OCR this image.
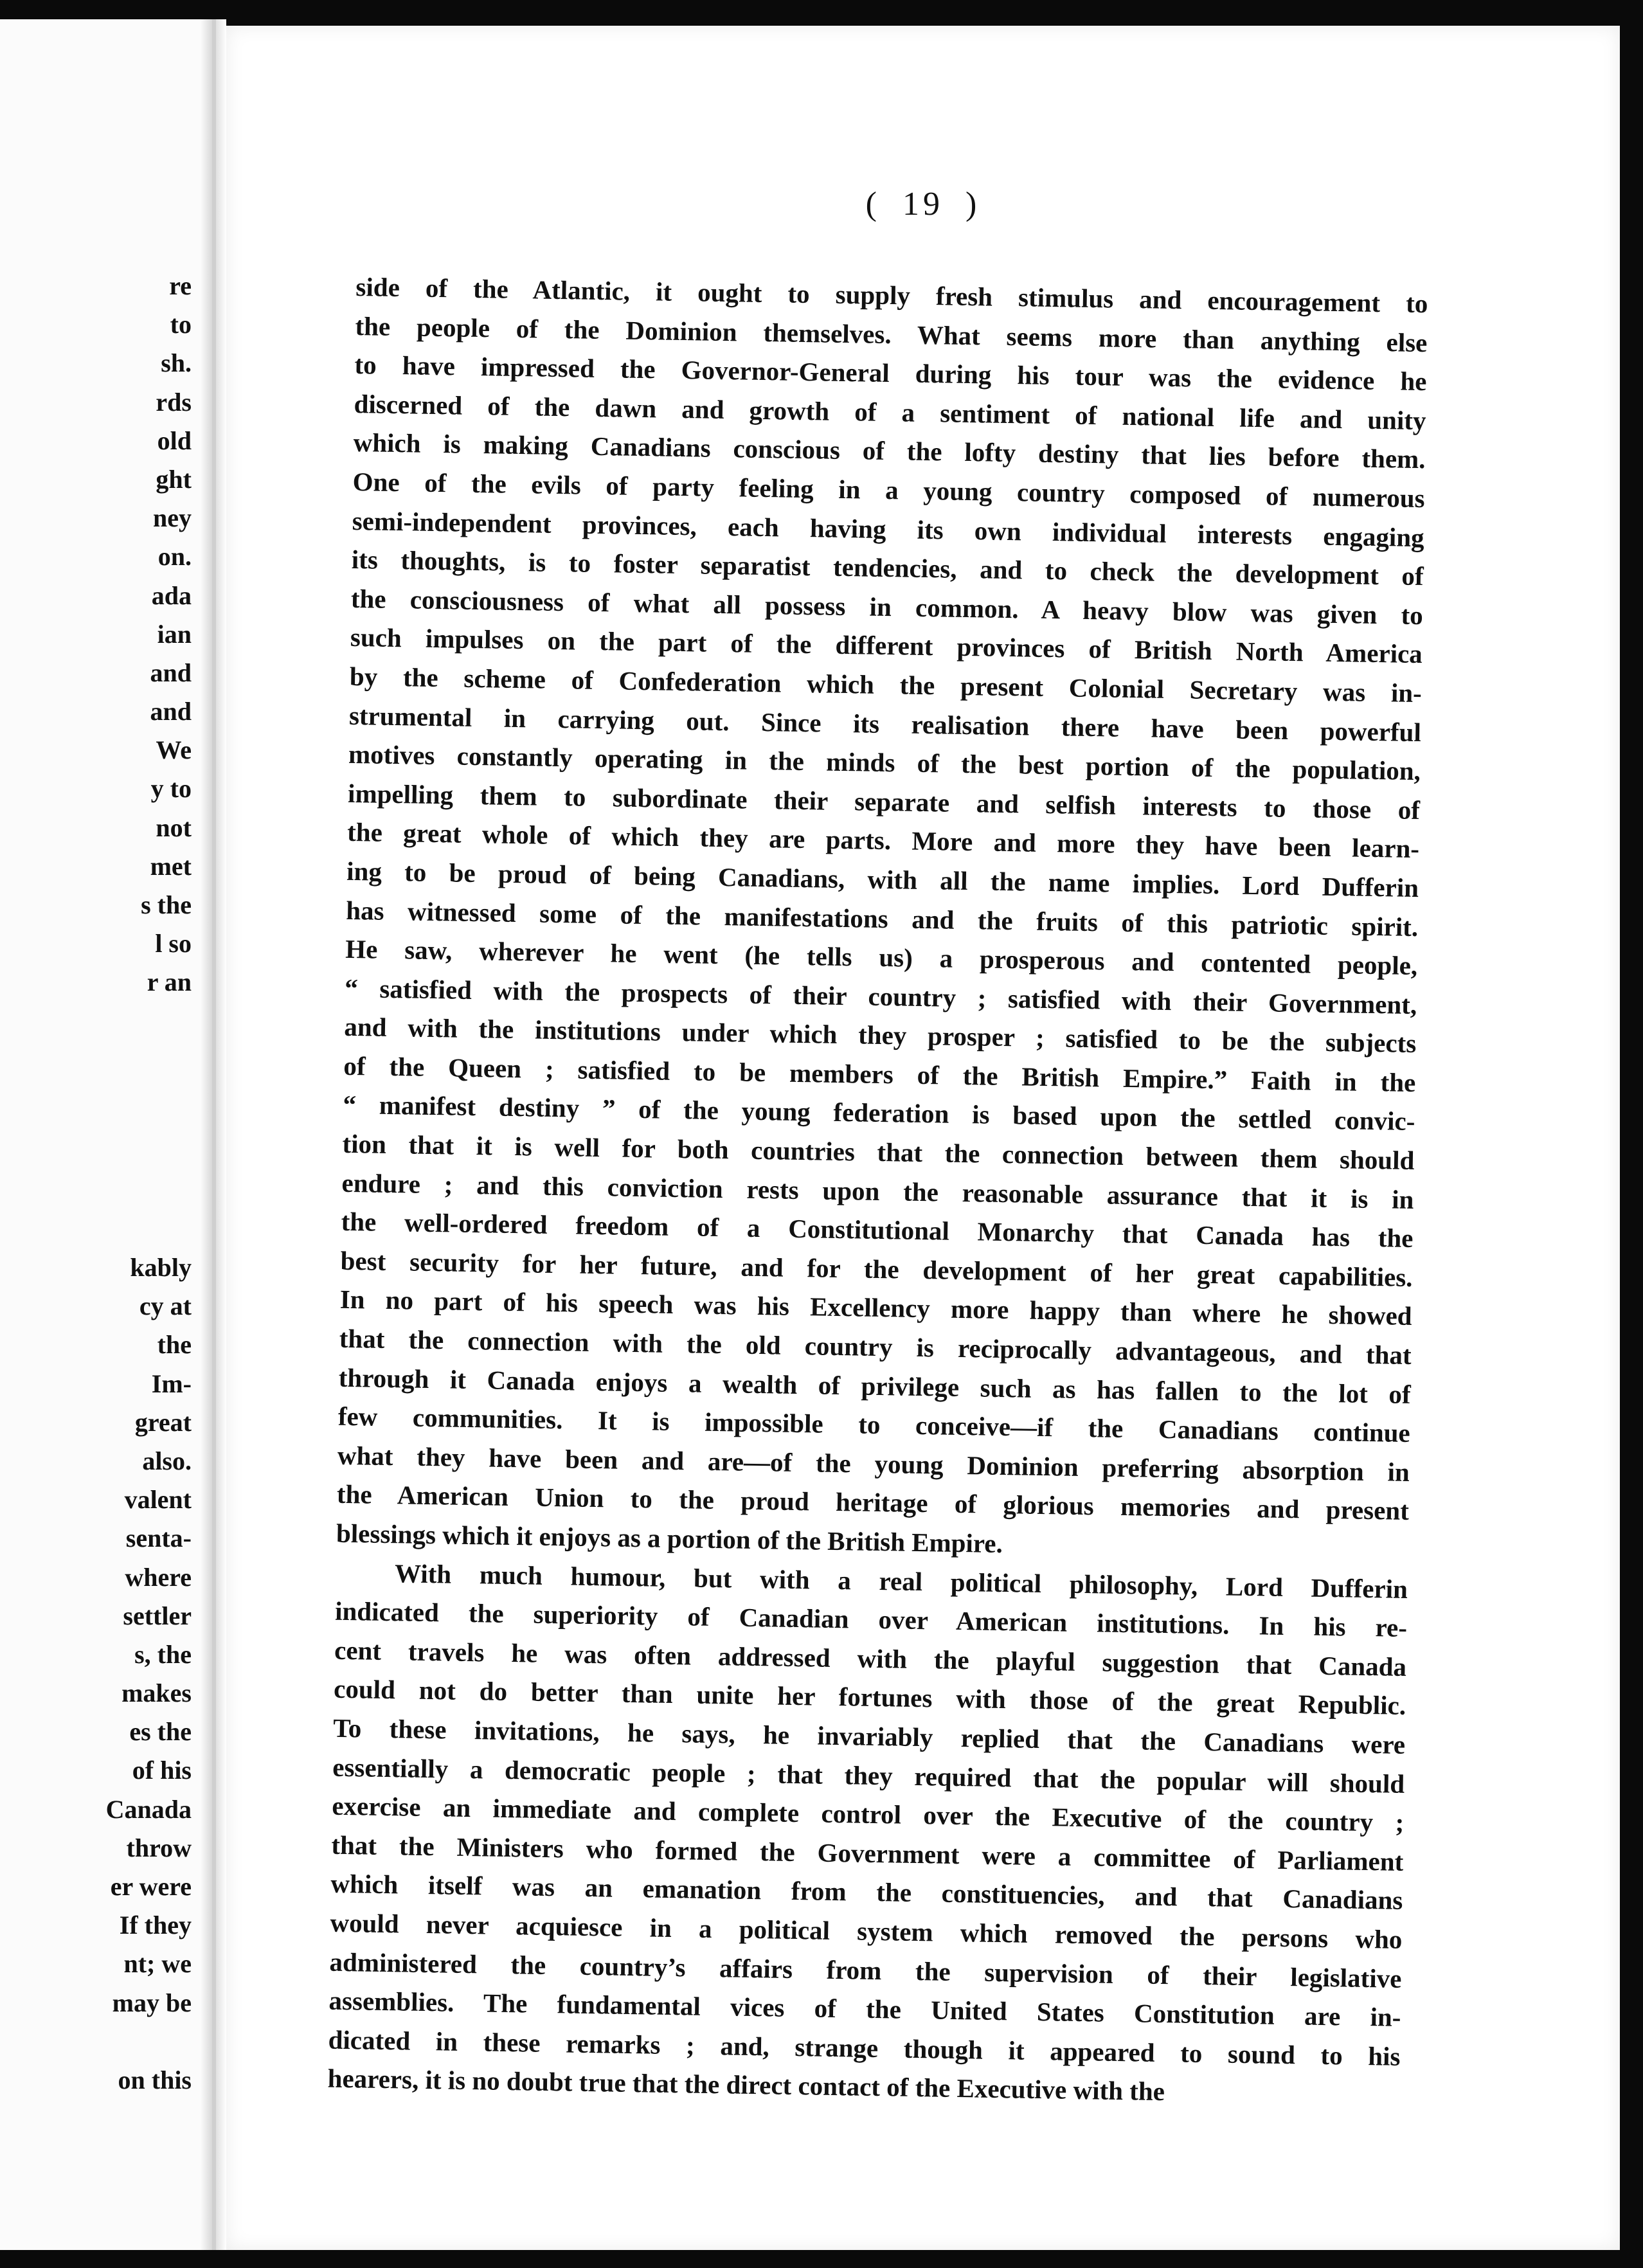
re
to
sh.
rds
old
ght
ney
on.
ada
ian
and
and
We
y to
not
met
s the
l so
r an
kably
cy at
the
Im-
great
also.
valent
senta-
where
settler
s, the
makes
es the
of his
Canada
throw
er were
If they
nt; we
may be
on this
( 19 )
side of the Atlantic, it ought to supply fresh stimulus and encouragement to
the people of the Dominion themselves. What seems more than anything else
to have impressed the Governor-General during his tour was the evidence he
discerned of the dawn and growth of a sentiment of national life and unity
which is making Canadians conscious of the lofty destiny that lies before them.
One of the evils of party feeling in a young country composed of numerous
semi-independent provinces, each having its own individual interests engaging
its thoughts, is to foster separatist tendencies, and to check the development of
the consciousness of what all possess in common. A heavy blow was given to
such impulses on the part of the different provinces of British North America
by the scheme of Confederation which the present Colonial Secretary was in-
strumental in carrying out. Since its realisation there have been powerful
motives constantly operating in the minds of the best portion of the population,
impelling them to subordinate their separate and selfish interests to those of
the great whole of which they are parts. More and more they have been learn-
ing to be proud of being Canadians, with all the name implies. Lord Dufferin
has witnessed some of the manifestations and the fruits of this patriotic spirit.
He saw, wherever he went (he tells us) a prosperous and contented people,
“ satisfied with the prospects of their country ; satisfied with their Government,
and with the institutions under which they prosper ; satisfied to be the subjects
of the Queen ; satisfied to be members of the British Empire.” Faith in the
“ manifest destiny ” of the young federation is based upon the settled convic-
tion that it is well for both countries that the connection between them should
endure ; and this conviction rests upon the reasonable assurance that it is in
the well-ordered freedom of a Constitutional Monarchy that Canada has the
best security for her future, and for the development of her great capabilities.
In no part of his speech was his Excellency more happy than where he showed
that the connection with the old country is reciprocally advantageous, and that
through it Canada enjoys a wealth of privilege such as has fallen to the lot of
few communities. It is impossible to conceive—if the Canadians continue
what they have been and are—of the young Dominion preferring absorption in
the American Union to the proud heritage of glorious memories and present
blessings which it enjoys as a portion of the British Empire.
With much humour, but with a real political philosophy, Lord Dufferin
indicated the superiority of Canadian over American institutions. In his re-
cent travels he was often addressed with the playful suggestion that Canada
could not do better than unite her fortunes with those of the great Republic.
To these invitations, he says, he invariably replied that the Canadians were
essentially a democratic people ; that they required that the popular will should
exercise an immediate and complete control over the Executive of the country ;
that the Ministers who formed the Government were a committee of Parliament
which itself was an emanation from the constituencies, and that Canadians
would never acquiesce in a political system which removed the persons who
administered the country’s affairs from the supervision of their legislative
assemblies. The fundamental vices of the United States Constitution are in-
dicated in these remarks ; and, strange though it appeared to sound to his
hearers, it is no doubt true that the direct contact of the Executive with the
